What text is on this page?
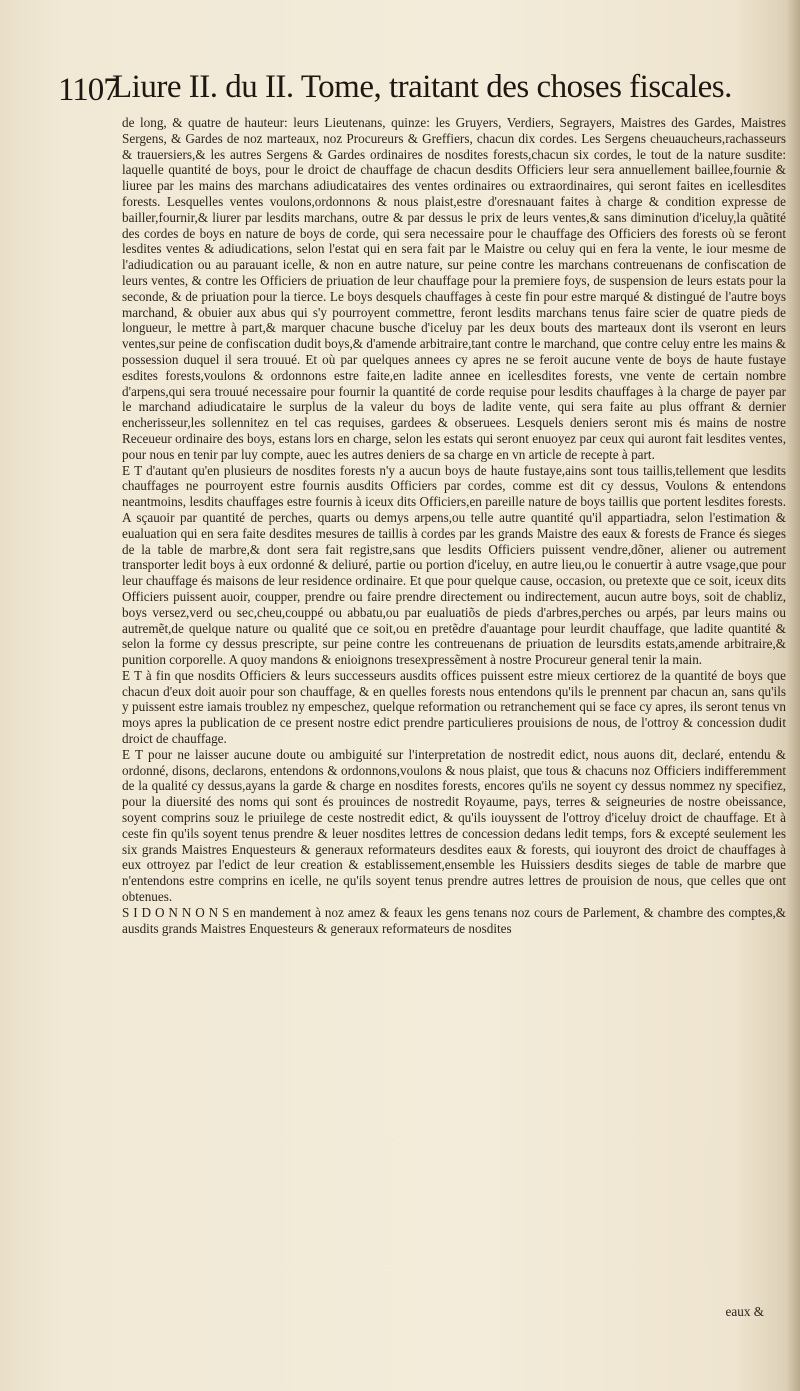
1107
Liure II. du II. Tome, traitant des choses fiscales.

de long, & quatre de hauteur: leurs Lieutenans, quinze: les Gruyers, Verdiers, Segrayers, Maistres des Gardes, Maistres Sergens, & Gardes de noz marteaux, noz Procureurs & Greffiers, chacun dix cordes. Les Sergens cheuaucheurs,rachasseurs & trauersiers,& les autres Sergens & Gardes ordinaires de nosdites forests,chacun six cordes, le tout de la nature susdite: laquelle quantité de boys, pour le droict de chauffage de chacun desdits Officiers leur sera annuellement baillee,fournie & liuree par les mains des marchans adiudicataires des ventes ordinaires ou extraordinaires, qui seront faites en icellesdites forests. Lesquelles ventes voulons,ordonnons & nous plaist,estre d'oresnauant faites à charge & condition expresse de bailler,fournir,& liurer par lesdits marchans, outre & par dessus le prix de leurs ventes,& sans diminution d'iceluy,la quãtité des cordes de boys en nature de boys de corde, qui sera necessaire pour le chauffage des Officiers des forests où se feront lesdites ventes & adiudications, selon l'estat qui en sera fait par le Maistre ou celuy qui en fera la vente, le iour mesme de l'adiudication ou au parauant icelle, & non en autre nature, sur peine contre les marchans contreuenans de confiscation de leurs ventes, & contre les Officiers de priuation de leur chauffage pour la premiere foys, de suspension de leurs estats pour la seconde, & de priuation pour la tierce. Le boys desquels chauffages à ceste fin pour estre marqué & distingué de l'autre boys marchand, & obuier aux abus qui s'y pourroyent commettre, feront lesdits marchans tenus faire scier de quatre pieds de longueur, le mettre à part,& marquer chacune busche d'iceluy par les deux bouts des marteaux dont ils vseront en leurs ventes,sur peine de confiscation dudit boys,& d'amende arbitraire,tant contre le marchand, que contre celuy entre les mains & possession duquel il sera trouué. Et où par quelques annees cy apres ne se feroit aucune vente de boys de haute fustaye esdites forests,voulons & ordonnons estre faite,en ladite annee en icellesdites forests, vne vente de certain nombre d'arpens,qui sera trouué necessaire pour fournir la quantité de corde requise pour lesdits chauffages à la charge de payer par le marchand adiudicataire le surplus de la valeur du boys de ladite vente, qui sera faite au plus offrant & dernier encherisseur,les sollennitez en tel cas requises, gardees & obseruees. Lesquels deniers seront mis és mains de nostre Receueur ordinaire des boys, estans lors en charge, selon les estats qui seront enuoyez par ceux qui auront fait lesdites ventes, pour nous en tenir par luy compte, auec les autres deniers de sa charge en vn article de recepte à part.

E T d'autant qu'en plusieurs de nosdites forests n'y a aucun boys de haute fustaye,ains sont tous taillis,tellement que lesdits chauffages ne pourroyent estre fournis ausdits Officiers par cordes, comme est dit cy dessus, Voulons & entendons neantmoins, lesdits chauffages estre fournis à iceux dits Officiers,en pareille nature de boys taillis que portent lesdites forests. A sçauoir par quantité de perches, quarts ou demys arpens,ou telle autre quantité qu'il appartiadra, selon l'estimation & eualuation qui en sera faite desdites mesures de taillis à cordes par les grands Maistre des eaux & forests de France és sieges de la table de marbre,& dont sera fait registre,sans que lesdits Officiers puissent vendre,dõner, aliener ou autrement transporter ledit boys à eux ordonné & deliuré, partie ou portion d'iceluy, en autre lieu,ou le conuertir à autre vsage,que pour leur chauffage és maisons de leur residence ordinaire. Et que pour quelque cause, occasion, ou pretexte que ce soit, iceux dits Officiers puissent auoir, coupper, prendre ou faire prendre directement ou indirectement, aucun autre boys, soit de chabliz, boys versez,verd ou sec,cheu,couppé ou abbatu,ou par eualuatiõs de pieds d'arbres,perches ou arpés, par leurs mains ou autremẽt,de quelque nature ou qualité que ce soit,ou en pretẽdre d'auantage pour leurdit chauffage, que ladite quantité & selon la forme cy dessus prescripte, sur peine contre les contreuenans de priuation de leursdits estats,amende arbitraire,& punition corporelle. A quoy mandons & enioignons tresexpressẽment à nostre Procureur general tenir la main.

E T à fin que nosdits Officiers & leurs successeurs ausdits offices puissent estre mieux certiorez de la quantité de boys que chacun d'eux doit auoir pour son chauffage, & en quelles forests nous entendons qu'ils le prennent par chacun an, sans qu'ils y puissent estre iamais troublez ny empeschez, quelque reformation ou retranchement qui se face cy apres, ils seront tenus vn moys apres la publication de ce present nostre edict prendre particulieres prouisions de nous, de l'ottroy & concession dudit droict de chauffage.

E T pour ne laisser aucune doute ou ambiguité sur l'interpretation de nostredit edict, nous auons dit, declaré, entendu & ordonné, disons, declarons, entendons & ordonnons,voulons & nous plaist, que tous & chacuns noz Officiers indifferemment de la qualité cy dessus,ayans la garde & charge en nosdites forests, encores qu'ils ne soyent cy dessus nommez ny specifiez, pour la diuersité des noms qui sont és prouinces de nostredit Royaume, pays, terres & seigneuries de nostre obeissance, soyent comprins souz le priuilege de ceste nostredit edict, & qu'ils iouyssent de l'ottroy d'iceluy droict de chauffage. Et à ceste fin qu'ils soyent tenus prendre & leuer nosdites lettres de concession dedans ledit temps, fors & excepté seulement les six grands Maistres Enquesteurs & generaux reformateurs desdites eaux & forests, qui iouyront des droict de chauffages à eux ottroyez par l'edict de leur creation & establissement,ensemble les Huissiers desdits sieges de table de marbre que n'entendons estre comprins en icelle, ne qu'ils soyent tenus prendre autres lettres de prouision de nous, que celles que ont obtenues.

S I D O N N O N S en mandement à noz amez & feaux les gens tenans noz cours de Parlement, & chambre des comptes,& ausdits grands Maistres Enquesteurs & generaux reformateurs de nosdites

eaux &
